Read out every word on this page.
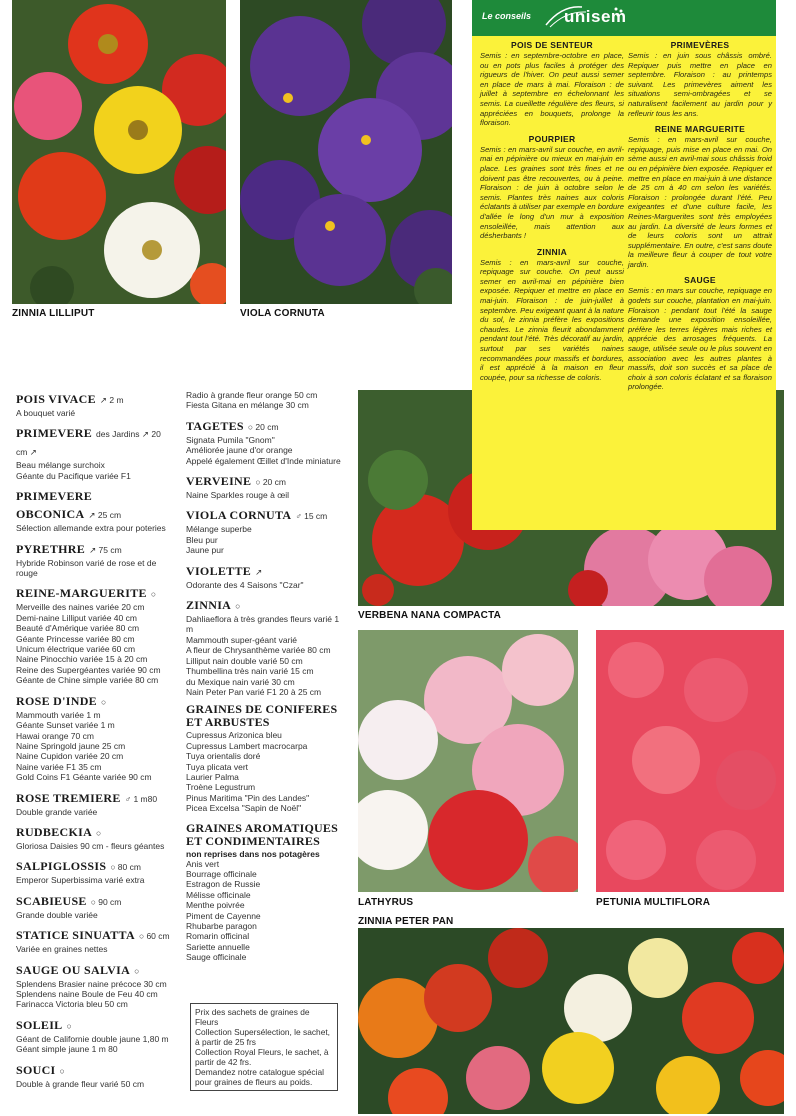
ZINNIA LILLIPUT	VIOLA CORNUTA
VERBENA NANA COMPACTA
LATHYRUS	PETUNIA MULTIFLORA
ZINNIA PETER PAN
Le conseils unisem
POIS DE SENTEUR

Semis : en septembre-octobre en place, ou en pots plus faciles à protéger des rigueurs de l'hiver. On peut aussi semer en place de mars à mai. Floraison : de juillet à septembre en échelonnant les semis. La cueillette régulière des fleurs, si appréciées en bouquets, prolonge la floraison.

POURPIER

Semis : en mars-avril sur couche, en avril-mai en pépinière ou mieux en mai-juin en place. Les graines sont très fines et ne doivent pas être recouvertes, ou à peine. Floraison : de juin à octobre selon le semis. Plantes très naines aux coloris éclatants à utiliser par exemple en bordure d'allée le long d'un mur à exposition ensoleillée, mais attention aux désherbants !

ZINNIA

Semis : en mars-avril sur couche, repiquage sur couche. On peut aussi semer en avril-mai en pépinière bien exposée. Repiquer et mettre en place en mai-juin. Floraison : de juin-juillet à septembre. Peu exigeant quant à la nature du sol, le zinnia préfère les expositions chaudes. Le zinnia fleurit abondamment pendant tout l'été. Très décoratif au jardin, surtout par ses variétés naines recommandées pour massifs et bordures, il est apprécié à la maison en fleur coupée, pour sa richesse de coloris.

PRIMEVÈRES

Semis : en juin sous châssis ombré. Repiquer puis mettre en place en septembre. Floraison : au printemps suivant. Les primevères aiment les situations semi-ombragées et se naturalisent facilement au jardin pour y refleurir tous les ans.

REINE MARGUERITE

Semis : en mars-avril sur couche, repiquage, puis mise en place en mai. On sème aussi en avril-mai sous châssis froid ou en pépinière bien exposée. Repiquer et mettre en place en mai-juin à une distance de 25 cm à 40 cm selon les variétés. Floraison : prolongée durant l'été. Peu exigeantes et d'une culture facile, les Reines-Marguerites sont très employées au jardin. La diversité de leurs formes et de leurs coloris sont un attrait supplémentaire. En outre, c'est sans doute la meilleure fleur à couper de tout votre jardin.

SAUGE

Semis : en mars sur couche, repiquage en godets sur couche, plantation en mai-juin. Floraison : pendant tout l'été la sauge demande une exposition ensoleillée, préfère les terres légères mais riches et apprécie des arrosages fréquents. La sauge, utilisée seule ou le plus souvent en association avec les autres plantes à massifs, doit son succès et sa place de choix à son coloris éclatant et sa floraison prolongée.

POIS VIVACE ↗ 2 m
A bouquet varié
PRIMEVERE des Jardins ↗ 20 cm ↗
Beau mélange surchoix
Géante du Pacifique variée F1
PRIMEVERE OBCONICA ↗ 25 cm
Sélection allemande extra pour poteries
PYRETHRE ↗ 75 cm
Hybride Robinson varié de rose et de rouge
REINE-MARGUERITE ○
Merveille des naines variée 20 cm
Demi-naine Lilliput variée 40 cm
Beauté d'Amérique variée 80 cm
Géante Princesse variée 80 cm
Unicum électrique variée 60 cm
Naine Pinocchio variée 15 à 20 cm
Reine des Supergéantes variée 90 cm
Géante de Chine simple variée 80 cm
ROSE D'INDE ○
Mammouth variée 1 m
Géante Sunset variée 1 m
Hawai orange 70 cm
Naine Springold jaune 25 cm
Naine Cupidon variée 20 cm
Naine variée F1 35 cm
Gold Coins F1 Géante variée 90 cm
ROSE TREMIERE ♂ 1 m80
Double grande variée
RUDBECKIA ○
Gloriosa Daisies 90 cm - fleurs géantes
SALPIGLOSSIS ○ 80 cm
Emperor Superbissima varié extra
SCABIEUSE ○ 90 cm
Grande double variée
STATICE SINUATTA ○ 60 cm
Variée en graines nettes
SAUGE OU SALVIA ○
Splendens Brasier naine précoce 30 cm
Splendens naine Boule de Feu 40 cm
Farinacca Victoria bleu 50 cm
SOLEIL ○
Géant de Californie double jaune 1,80 m
Géant simple jaune 1 m 80
SOUCI ○
Double à grande fleur varié 50 cm
Radio à grande fleur orange 50 cm
Fiesta Gitana en mélange 30 cm
TAGETES ○ 20 cm
Signata Pumila "Gnom"
Améliorée jaune d'or orange
Appelé également Œillet d'Inde miniature
VERVEINE ○ 20 cm
Naine Sparkles rouge à œil
VIOLA CORNUTA ♂ 15 cm
Mélange superbe
Bleu pur
Jaune pur
VIOLETTE ↗
Odorante des 4 Saisons "Czar"
ZINNIA ○
Dahliaeflora à très grandes fleurs varié 1 m
Mammouth super-géant varié
A fleur de Chrysanthème variée 80 cm
Lilliput nain double varié 50 cm
Thumbellina très nain varié 15 cm
du Mexique nain varié 30 cm
Nain Peter Pan varié F1 20 à 25 cm
GRAINES DE CONIFERES ET ARBUSTES
Cupressus Arizonica bleu
Cupressus Lambert macrocarpa
Tuya orientalis doré
Tuya plicata vert
Laurier Palma
Troène Legustrum
Pinus Maritima "Pin des Landes"
Picea Excelsa "Sapin de Noël"
GRAINES AROMATIQUES ET CONDIMENTAIRES
non reprises dans nos potagères
Anis vert
Bourrage officinale
Estragon de Russie
Mélisse officinale
Menthe poivrée
Piment de Cayenne
Rhubarbe paragon
Romarin officinal
Sariette annuelle
Sauge officinale
Prix des sachets de graines de Fleurs
Collection Supersélection, le sachet, à partir de 25 frs
Collection Royal Fleurs, le sachet, à partir de 42 frs.
Demandez notre catalogue spécial pour graines de fleurs au poids.
